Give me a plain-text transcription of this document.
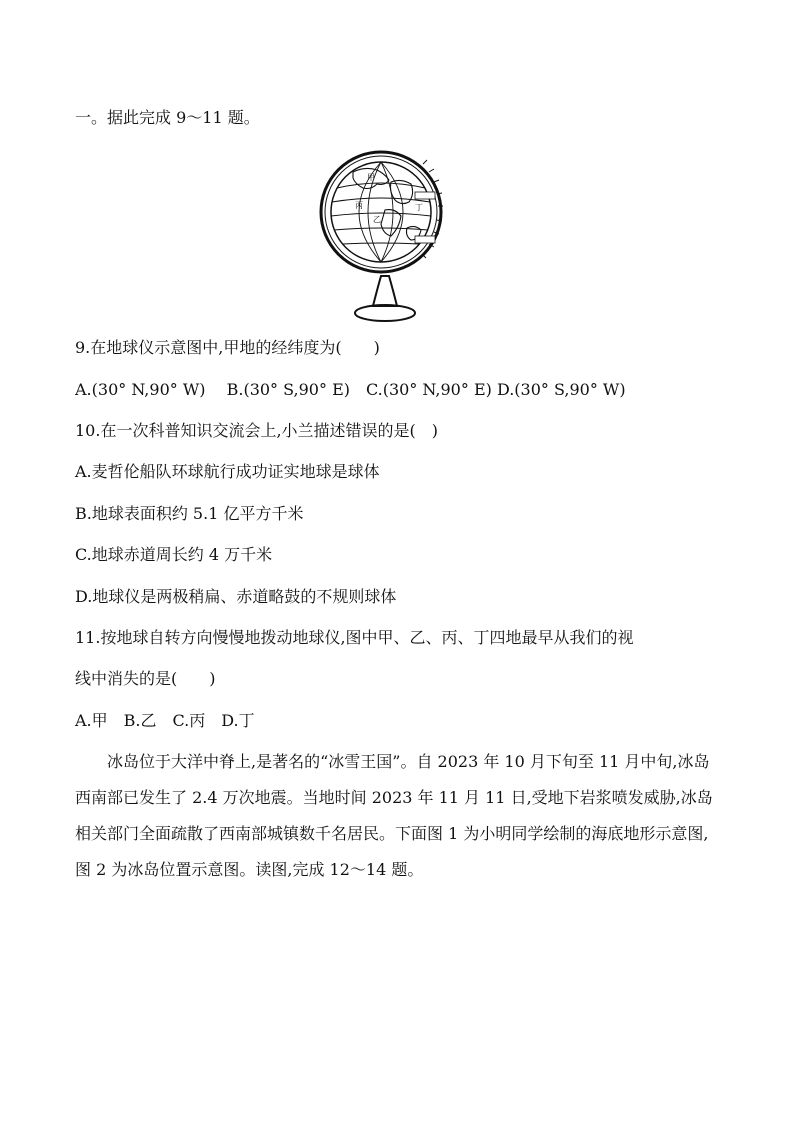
一。据此完成 9～11 题。
甲
乙
丙	丁
9.在地球仪示意图中,甲地的经纬度为(　　)
A.(30° N,90° W)　 B.(30° S,90° E)　C.(30° N,90° E) D.(30° S,90° W)
10.在一次科普知识交流会上,小兰描述错误的是(　)
A.麦哲伦船队环球航行成功证实地球是球体
B.地球表面积约 5.1 亿平方千米
C.地球赤道周长约 4 万千米
D.地球仪是两极稍扁、赤道略鼓的不规则球体
11.按地球自转方向慢慢地拨动地球仪,图中甲、乙、丙、丁四地最早从我们的视
线中消失的是(　　)
A.甲　B.乙　C.丙　D.丁
冰岛位于大洋中脊上,是著名的“冰雪王国”。自 2023 年 10 月下旬至 11 月中旬,冰岛西南部已发生了 2.4 万次地震。当地时间 2023 年 11 月 11 日,受地下岩浆喷发威胁,冰岛相关部门全面疏散了西南部城镇数千名居民。下面图 1 为小明同学绘制的海底地形示意图,图 2 为冰岛位置示意图。读图,完成 12～14 题。
